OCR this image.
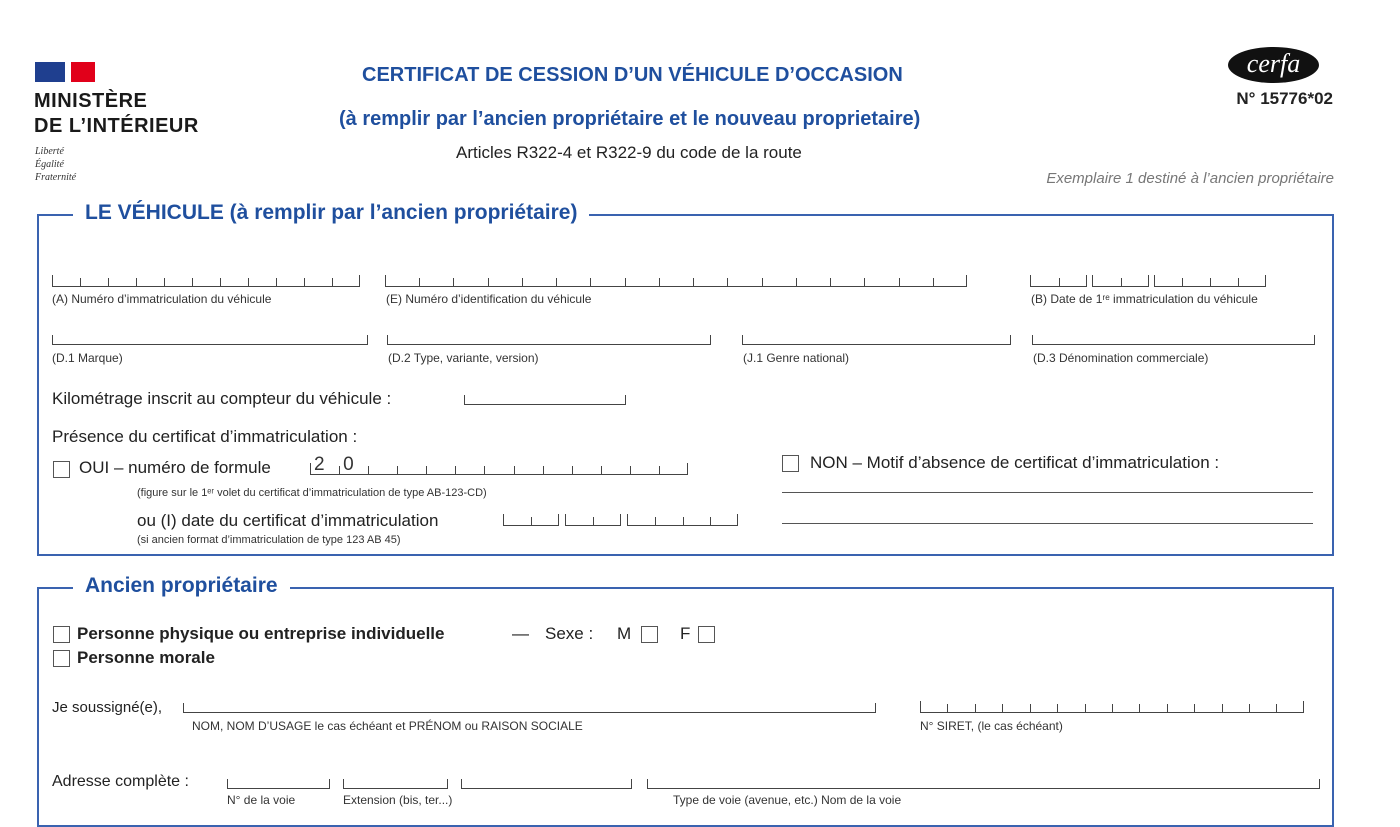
MINISTÈRE
DE L’INTÉRIEUR
Liberté
Égalité
Fraternité
CERTIFICAT DE CESSION D’UN VÉHICULE D’OCCASION
(à remplir par l’ancien propriétaire et le nouveau proprietaire)
Articles R322-4 et R322-9 du code de la route
cerfa
N° 15776*02
Exemplaire 1 destiné à l’ancien propriétaire
LE VÉHICULE (à remplir par l’ancien propriétaire)
(A) Numéro d’immatriculation du véhicule	(E) Numéro d’identification du véhicule	(B) Date de 1ʳᵉ immatriculation du véhicule
(D.1 Marque)	(D.2 Type, variante, version)	(J.1 Genre national)	(D.3 Dénomination commerciale)
Kilométrage inscrit au compteur du véhicule :
Présence du certificat d’immatriculation :
OUI – numéro de formule 2 0
(figure sur le 1ᵉʳ volet du certificat d’immatriculation de type AB-123-CD)
ou (I) date du certificat d’immatriculation
(si ancien format d’immatriculation de type 123 AB 45)
NON – Motif d’absence de certificat d’immatriculation :
Ancien propriétaire
Personne physique ou entreprise individuelle	— Sexe : M	F
Personne morale
Je soussigné(e),
NOM, NOM D’USAGE le cas échéant et PRÉNOM ou RAISON SOCIALE	N° SIRET, (le cas échéant)
Adresse complète :
N° de la voie	Extension (bis, ter...)	Type de voie (avenue, etc.) Nom de la voie
